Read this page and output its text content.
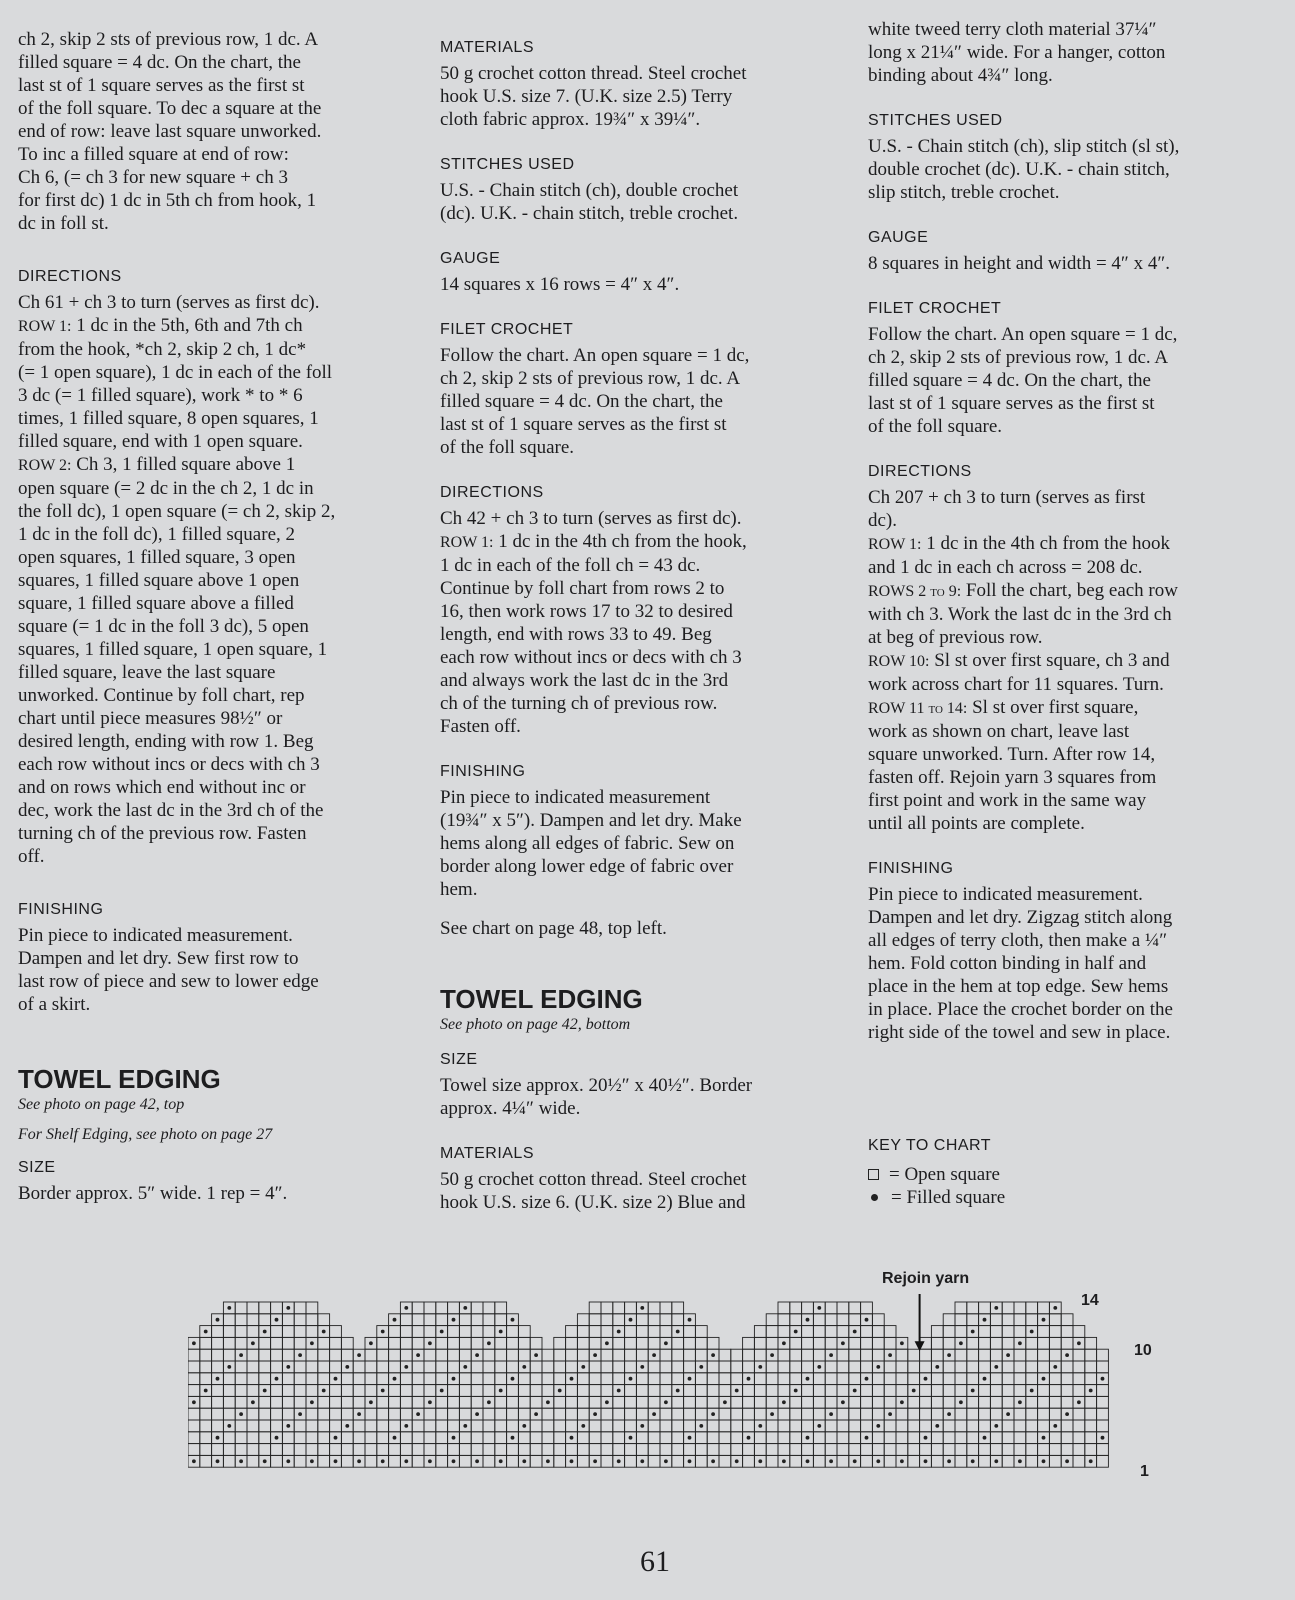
ch 2, skip 2 sts of previous row, 1 dc. A

filled square = 4 dc. On the chart, the

last st of 1 square serves as the first st

of the foll square. To dec a square at the

end of row: leave last square unworked.

To inc a filled square at end of row:

Ch 6, (= ch 3 for new square + ch 3

for first dc) 1 dc in 5th ch from hook, 1

dc in foll st.

DIRECTIONS

Ch 61 + ch 3 to turn (serves as first dc).

ROW 1: 1 dc in the 5th, 6th and 7th ch

from the hook, *ch 2, skip 2 ch, 1 dc*

(= 1 open square), 1 dc in each of the foll

3 dc (= 1 filled square), work * to * 6

times, 1 filled square, 8 open squares, 1

filled square, end with 1 open square.

ROW 2: Ch 3, 1 filled square above 1

open square (= 2 dc in the ch 2, 1 dc in

the foll dc), 1 open square (= ch 2, skip 2,

1 dc in the foll dc), 1 filled square, 2

open squares, 1 filled square, 3 open

squares, 1 filled square above 1 open

square, 1 filled square above a filled

square (= 1 dc in the foll 3 dc), 5 open

squares, 1 filled square, 1 open square, 1

filled square, leave the last square

unworked. Continue by foll chart, rep

chart until piece measures 98½″ or

desired length, ending with row 1. Beg

each row without incs or decs with ch 3

and on rows which end without inc or

dec, work the last dc in the 3rd ch of the

turning ch of the previous row. Fasten

off.

FINISHING

Pin piece to indicated measurement.

Dampen and let dry. Sew first row to

last row of piece and sew to lower edge

of a skirt.

TOWEL EDGING
See photo on page 42, top
For Shelf Edging, see photo on page 27
SIZE

Border approx. 5″ wide. 1 rep = 4″.

MATERIALS

50 g crochet cotton thread. Steel crochet

hook U.S. size 7. (U.K. size 2.5) Terry

cloth fabric approx. 19¾″ x 39¼″.

STITCHES USED

U.S. - Chain stitch (ch), double crochet

(dc). U.K. - chain stitch, treble crochet.

GAUGE

14 squares x 16 rows = 4″ x 4″.

FILET CROCHET

Follow the chart. An open square = 1 dc,

ch 2, skip 2 sts of previous row, 1 dc. A

filled square = 4 dc. On the chart, the

last st of 1 square serves as the first st

of the foll square.

DIRECTIONS

Ch 42 + ch 3 to turn (serves as first dc).

ROW 1: 1 dc in the 4th ch from the hook,

1 dc in each of the foll ch = 43 dc.

Continue by foll chart from rows 2 to

16, then work rows 17 to 32 to desired

length, end with rows 33 to 49. Beg

each row without incs or decs with ch 3

and always work the last dc in the 3rd

ch of the turning ch of previous row.

Fasten off.

FINISHING

Pin piece to indicated measurement

(19¾″ x 5″). Dampen and let dry. Make

hems along all edges of fabric. Sew on

border along lower edge of fabric over

hem.

See chart on page 48, top left.

TOWEL EDGING
See photo on page 42, bottom
SIZE

Towel size approx. 20½″ x 40½″. Border

approx. 4¼″ wide.

MATERIALS

50 g crochet cotton thread. Steel crochet

hook U.S. size 6. (U.K. size 2) Blue and

white tweed terry cloth material 37¼″

long x 21¼″ wide. For a hanger, cotton

binding about 4¾″ long.

STITCHES USED

U.S. - Chain stitch (ch), slip stitch (sl st),

double crochet (dc). U.K. - chain stitch,

slip stitch, treble crochet.

GAUGE

8 squares in height and width = 4″ x 4″.

FILET CROCHET

Follow the chart. An open square = 1 dc,

ch 2, skip 2 sts of previous row, 1 dc. A

filled square = 4 dc. On the chart, the

last st of 1 square serves as the first st

of the foll square.

DIRECTIONS

Ch 207 + ch 3 to turn (serves as first

dc).

ROW 1: 1 dc in the 4th ch from the hook

and 1 dc in each ch across = 208 dc.

ROWS 2 to 9: Foll the chart, beg each row

with ch 3. Work the last dc in the 3rd ch

at beg of previous row.

ROW 10: Sl st over first square, ch 3 and

work across chart for 11 squares. Turn.

ROW 11 to 14: Sl st over first square,

work as shown on chart, leave last

square unworked. Turn. After row 14,

fasten off. Rejoin yarn 3 squares from

first point and work in the same way

until all points are complete.

FINISHING

Pin piece to indicated measurement.

Dampen and let dry. Zigzag stitch along

all edges of terry cloth, then make a ¼″

hem. Fold cotton binding in half and

place in the hem at top edge. Sew hems

in place. Place the crochet border on the

right side of the towel and sew in place.

KEY TO CHART
= Open square
= Filled square
Rejoin yarn
14
10
1
61
